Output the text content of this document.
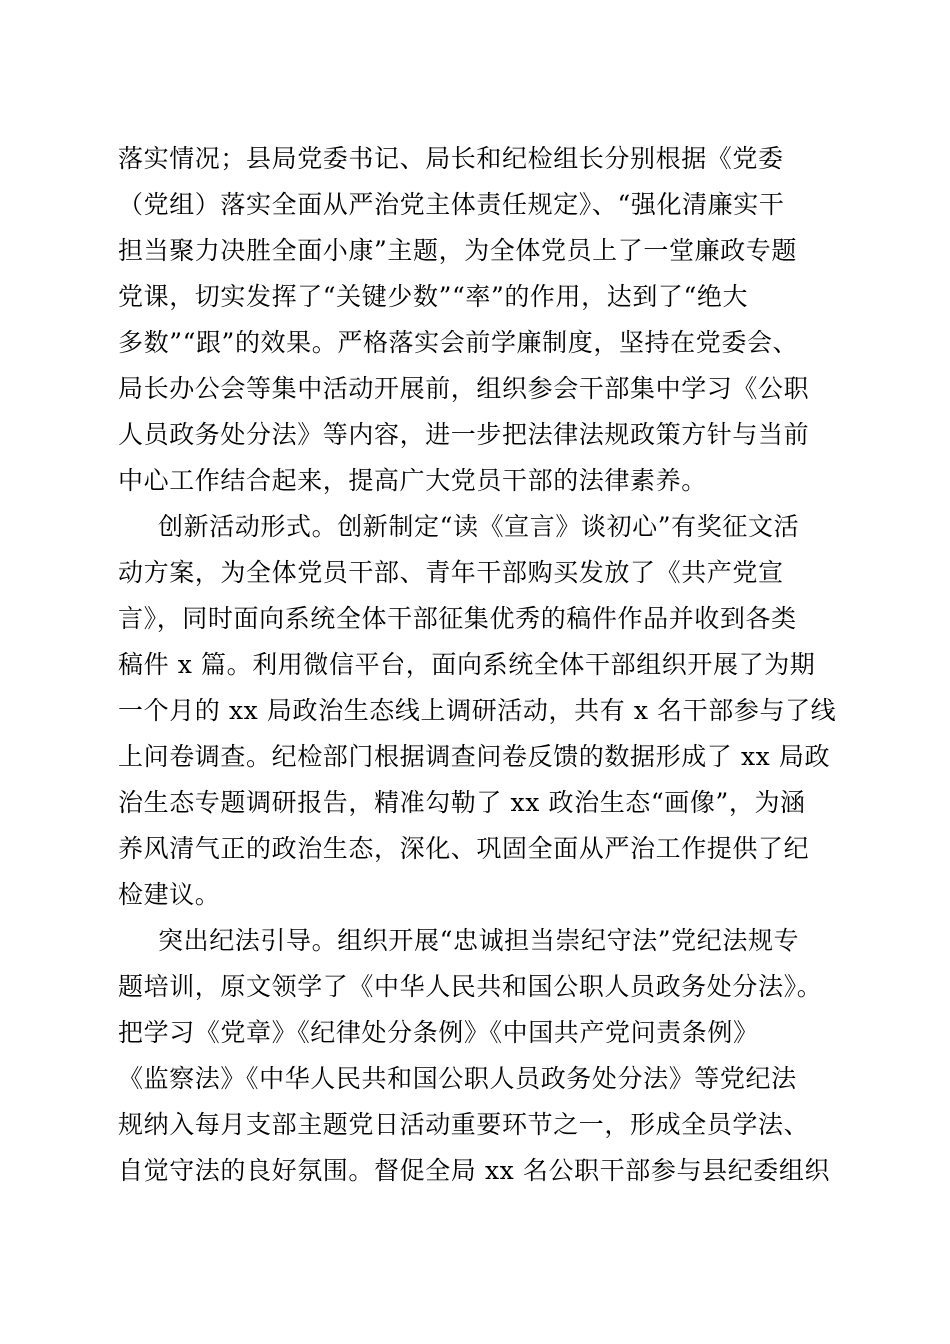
落实情况；县局党委书记、局长和纪检组长分别根据《党委
（党组）落实全面从严治党主体责任规定》、“强化清廉实干
担当聚力决胜全面小康”主题，为全体党员上了一堂廉政专题
党课，切实发挥了“关键少数”“率”的作用，达到了“绝大
多数”“跟”的效果。严格落实会前学廉制度，坚持在党委会、
局长办公会等集中活动开展前，组织参会干部集中学习《公职
人员政务处分法》等内容，进一步把法律法规政策方针与当前
中心工作结合起来，提高广大党员干部的法律素养。
创新活动形式。创新制定“读《宣言》谈初心”有奖征文活
动方案，为全体党员干部、青年干部购买发放了《共产党宣
言》，同时面向系统全体干部征集优秀的稿件作品并收到各类
稿件 x 篇。利用微信平台，面向系统全体干部组织开展了为期
一个月的 xx 局政治生态线上调研活动，共有 x 名干部参与了线
上问卷调查。纪检部门根据调查问卷反馈的数据形成了 xx 局政
治生态专题调研报告，精准勾勒了 xx 政治生态“画像”，为涵
养风清气正的政治生态，深化、巩固全面从严治工作提供了纪
检建议。
突出纪法引导。组织开展“忠诚担当崇纪守法”党纪法规专
题培训，原文领学了《中华人民共和国公职人员政务处分法》。
把学习《党章》《纪律处分条例》《中国共产党问责条例》
《监察法》《中华人民共和国公职人员政务处分法》等党纪法
规纳入每月支部主题党日活动重要环节之一，形成全员学法、
自觉守法的良好氛围。督促全局 xx 名公职干部参与县纪委组织
